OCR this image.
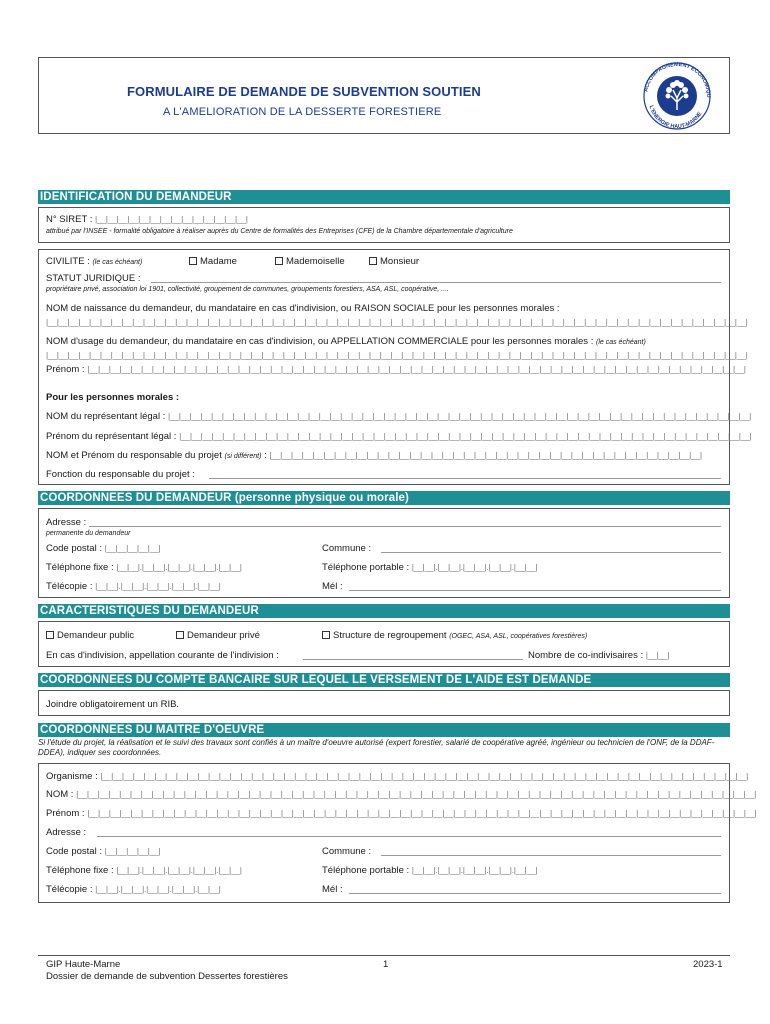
FORMULAIRE DE DEMANDE DE SUBVENTION SOUTIEN
A L'AMELIORATION DE LA DESSERTE FORESTIERE
ACCOMPAGNEMENT ECONOMIQU
L'ENERGIE HAUT-MARNE
IDENTIFICATION DU DEMANDEUR
N° SIRET : |__|__|__|__|__|__|__|__|__|__|__|__|__|__|
attribué par l'INSEE - formalité obligatoire à réaliser auprès du Centre de formalités des Entreprises (CFE) de la Chambre départementale d'agriculture
CIVILITE : (le cas échéant)	Madame	Mademoiselle	Monsieur
STATUT JURIDIQUE :
propriétaire privé, association loi 1901, collectivité, groupement de communes, groupements forestiers, ASA, ASL, coopérative, ....
NOM de naissance du demandeur, du mandataire en cas d'indivision, ou RAISON SOCIALE pour les personnes morales :
|__|__|__|__|__|__|__|__|__|__|__|__|__|__|__|__|__|__|__|__|__|__|__|__|__|__|__|__|__|__|__|__|__|__|__|__|__|__|__|__|__|__|__|__|__|__|__|__|__|__|__|__|__|__|__|__|__|__|__|__|__|__|__|__|__|
NOM d'usage du demandeur, du mandataire en cas d'indivision, ou APPELLATION COMMERCIALE pour les personnes morales : (le cas échéant)
|__|__|__|__|__|__|__|__|__|__|__|__|__|__|__|__|__|__|__|__|__|__|__|__|__|__|__|__|__|__|__|__|__|__|__|__|__|__|__|__|__|__|__|__|__|__|__|__|__|__|__|__|__|__|__|__|__|__|__|__|__|__|__|__|__|
Prénom : |__|__|__|__|__|__|__|__|__|__|__|__|__|__|__|__|__|__|__|__|__|__|__|__|__|__|__|__|__|__|__|__|__|__|__|__|__|__|__|__|__|__|__|__|__|__|__|__|__|__|__|__|__|__|__|__|__|__|__|__|__|
Pour les personnes morales :
NOM du représentant légal : |__|__|__|__|__|__|__|__|__|__|__|__|__|__|__|__|__|__|__|__|__|__|__|__|__|__|__|__|__|__|__|__|__|__|__|__|__|__|__|__|__|__|__|__|__|__|__|__|__|__|__|__|__|__|
Prénom du représentant légal : |__|__|__|__|__|__|__|__|__|__|__|__|__|__|__|__|__|__|__|__|__|__|__|__|__|__|__|__|__|__|__|__|__|__|__|__|__|__|__|__|__|__|__|__|__|__|__|__|__|__|__|__|__|
NOM et Prénom du responsable du projet (si différent) : |__|__|__|__|__|__|__|__|__|__|__|__|__|__|__|__|__|__|__|__|__|__|__|__|__|__|__|__|__|__|__|__|__|__|__|__|__|__|__|__|
Fonction du responsable du projet :
COORDONNEES DU DEMANDEUR (personne physique ou morale)
Adresse :
permanente du demandeur
Code postal : |__|__|__|__|__|	Commune :
Téléphone fixe : |__|__|.|__|__|.|__|__|.|__|__|.|__|__|	Téléphone portable : |__|__|.|__|__|.|__|__|.|__|__|.|__|__|
Télécopie : |__|__|.|__|__|.|__|__|.|__|__|.|__|__|	Mél :
CARACTERISTIQUES DU DEMANDEUR
Demandeur public	Demandeur privé	Structure de regroupement (OGEC, ASA, ASL, coopératives forestières)
En cas d'indivision, appellation courante de l'indivision :	Nombre de co-indivisaires : |__|__|
COORDONNEES DU COMPTE BANCAIRE SUR LEQUEL LE VERSEMENT DE L'AIDE EST DEMANDE
Joindre obligatoirement un RIB.
COORDONNEES DU MAITRE D'OEUVRE
Si l'étude du projet, la réalisation et le suivi des travaux sont confiés à un maître d'oeuvre autorisé (expert forestier, salarié de coopérative agréé, ingénieur ou technicien de l'ONF, de la DDAF-DDEA), indiquer ses coordonnées.
Organisme : |__|__|__|__|__|__|__|__|__|__|__|__|__|__|__|__|__|__|__|__|__|__|__|__|__|__|__|__|__|__|__|__|__|__|__|__|__|__|__|__|__|__|__|__|__|__|__|__|__|__|__|__|__|__|__|__|__|__|__|__|
NOM : |__|__|__|__|__|__|__|__|__|__|__|__|__|__|__|__|__|__|__|__|__|__|__|__|__|__|__|__|__|__|__|__|__|__|__|__|__|__|__|__|__|__|__|__|__|__|__|__|__|__|__|__|__|__|__|__|__|__|__|__|__|__|__|
Prénom : |__|__|__|__|__|__|__|__|__|__|__|__|__|__|__|__|__|__|__|__|__|__|__|__|__|__|__|__|__|__|__|__|__|__|__|__|__|__|__|__|__|__|__|__|__|__|__|__|__|__|__|__|__|__|__|__|__|__|__|__|__|__|
Adresse :
Code postal : |__|__|__|__|__|	Commune :
Téléphone fixe : |__|__|.|__|__|.|__|__|.|__|__|.|__|__|	Téléphone portable : |__|__|.|__|__|.|__|__|.|__|__|.|__|__|
Télécopie : |__|__|.|__|__|.|__|__|.|__|__|.|__|__|	Mél :
GIP Haute-Marne
Dossier de demande de subvention Dessertes forestières
1	2023-1
